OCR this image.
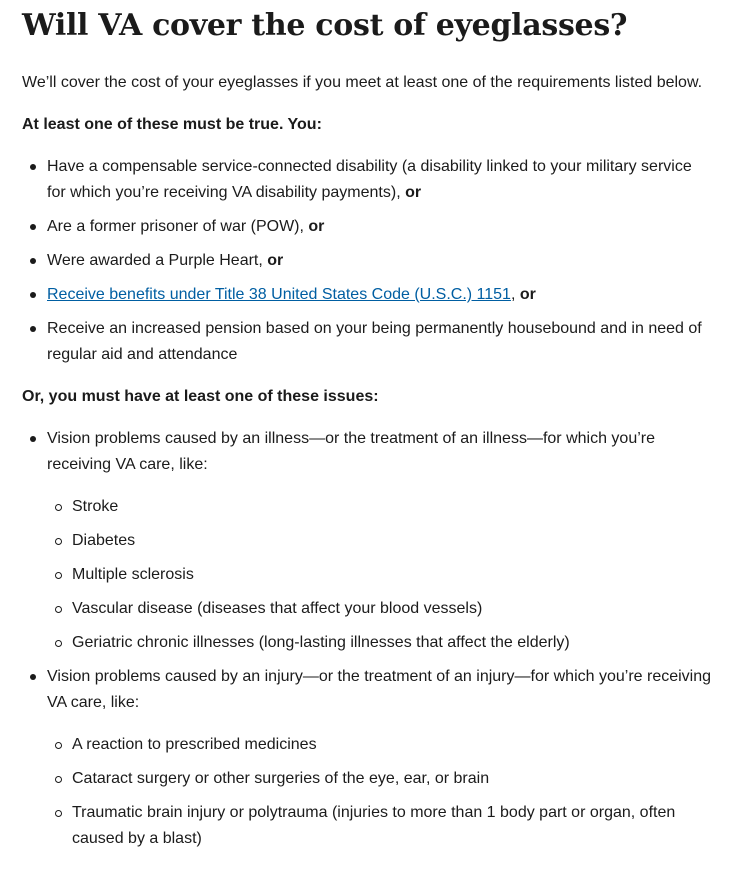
Will VA cover the cost of eyeglasses?

We’ll cover the cost of your eyeglasses if you meet at least one of the requirements listed below.

At least one of these must be true. You:

Have a compensable service-connected disability (a disability linked to your military service for which you’re receiving VA disability payments), or
Are a former prisoner of war (POW), or
Were awarded a Purple Heart, or
Receive benefits under Title 38 United States Code (U.S.C.) 1151, or
Receive an increased pension based on your being permanently housebound and in need of regular aid and attendance

Or, you must have at least one of these issues:

Vision problems caused by an illness—or the treatment of an illness—for which you’re receiving VA care, like:
Stroke
Diabetes
Multiple sclerosis
Vascular disease (diseases that affect your blood vessels)
Geriatric chronic illnesses (long-lasting illnesses that affect the elderly)
Vision problems caused by an injury—or the treatment of an injury—for which you’re receiving VA care, like:
A reaction to prescribed medicines
Cataract surgery or other surgeries of the eye, ear, or brain
Traumatic brain injury or polytrauma (injuries to more than 1 body part or organ, often caused by a blast)
